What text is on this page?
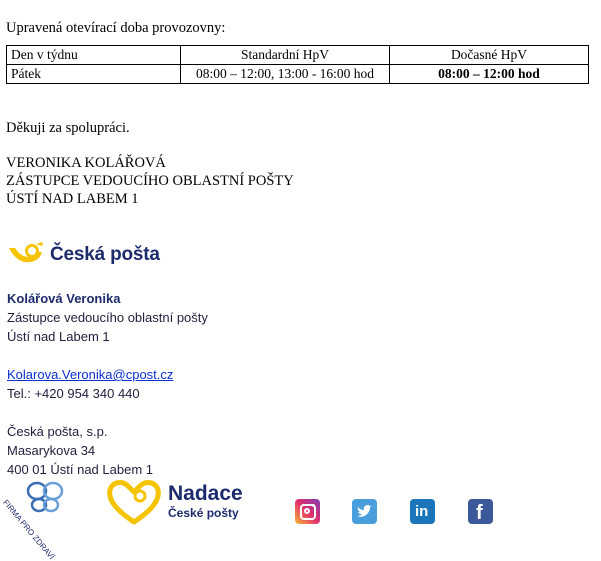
Upravená otevírací doba provozovny:
Den v týdnu	Standardní HpV	Dočasné HpV
Pátek	08:00 – 12:00, 13:00 - 16:00 hod	08:00 – 12:00 hod
Děkuji za spolupráci.
VERONIKA KOLÁŘOVÁ
ZÁSTUPCE VEDOUCÍHO OBLASTNÍ POŠTY
ÚSTÍ NAD LABEM 1
Česká pošta
Kolářová Veronika
Zástupce vedoucího oblastní pošty
Ústí nad Labem 1
Kolarova.Veronika@cpost.cz
Tel.: +420 954 340 440
Česká pošta, s.p.
Masarykova 34
400 01 Ústí nad Labem 1
FIRMA PRO ZDRAVÍ
Nadace
České pošty	in f
